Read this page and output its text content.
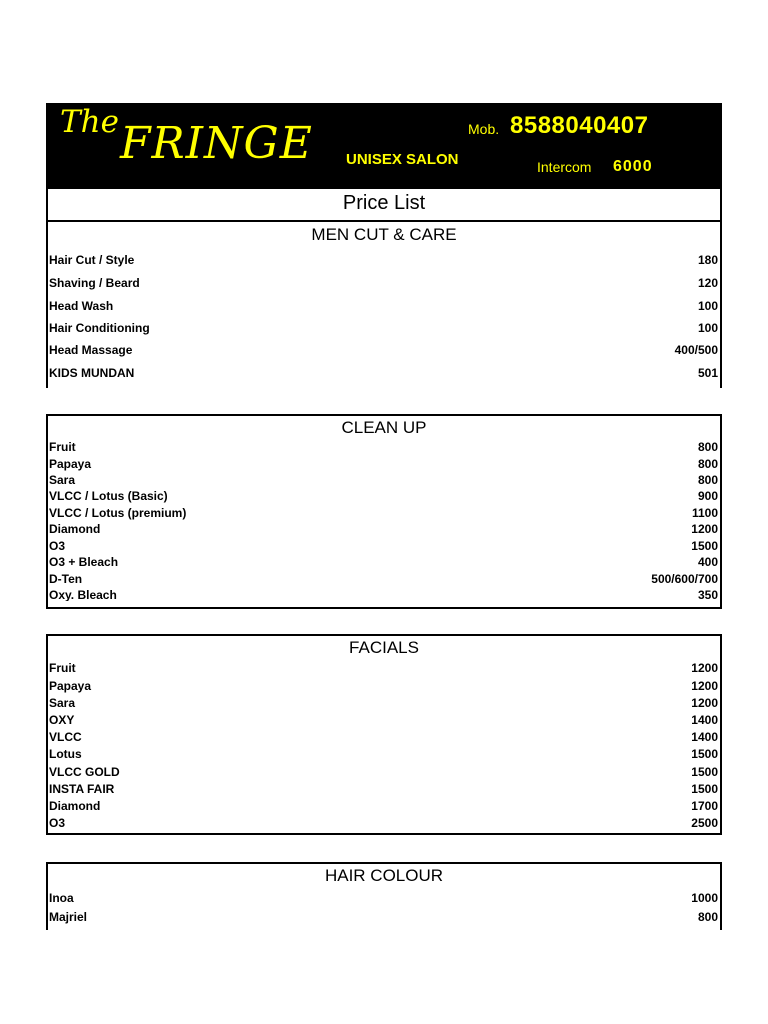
The FRINGE UNISEX SALON
Mob. 8588040407
Intercom 6000
Price List
MEN CUT & CARE
Hair Cut / Style	180
Shaving / Beard	120
Head Wash	100
Hair Conditioning	100
Head Massage	400/500
KIDS MUNDAN	501
CLEAN UP
Fruit	800
Papaya	800
Sara	800
VLCC / Lotus (Basic)	900
VLCC / Lotus (premium)	1100
Diamond	1200
O3	1500
O3 + Bleach	400
D-Ten	500/600/700
Oxy. Bleach	350
FACIALS
Fruit	1200
Papaya	1200
Sara	1200
OXY	1400
VLCC	1400
Lotus	1500
VLCC GOLD	1500
INSTA FAIR	1500
Diamond	1700
O3	2500
HAIR COLOUR
Inoa	1000
Majriel	800
